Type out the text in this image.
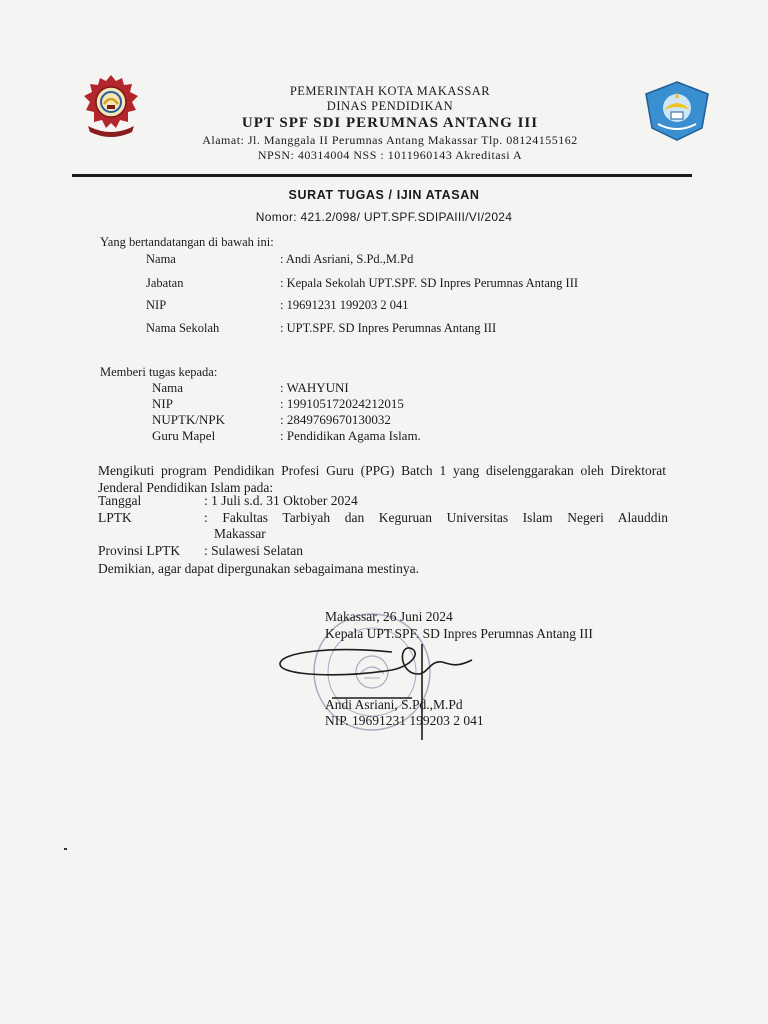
PEMERINTAH KOTA MAKASSAR
DINAS PENDIDIKAN
UPT SPF SDI PERUMNAS ANTANG III
Alamat: Jl. Manggala II Perumnas Antang Makassar Tlp. 08124155162
NPSN: 40314004 NSS : 1011960143 Akreditasi A
SURAT TUGAS / IJIN ATASAN
Nomor: 421.2/098/ UPT.SPF.SDIPAIII/VI/2024
Yang bertandatangan di bawah ini:
Nama	: Andi Asriani, S.Pd.,M.Pd
Jabatan	: Kepala Sekolah UPT.SPF. SD Inpres Perumnas Antang III
NIP	: 19691231 199203 2 041
Nama Sekolah	: UPT.SPF. SD Inpres Perumnas Antang III
Memberi tugas kepada:
Nama	: WAHYUNI
NIP	: 199105172024212015
NUPTK/NPK	: 2849769670130032
Guru Mapel	: Pendidikan Agama Islam.
Mengikuti program Pendidikan Profesi Guru (PPG) Batch 1 yang diselenggarakan oleh Direktorat Jenderal Pendidikan Islam pada:
Tanggal	: 1 Juli s.d. 31 Oktober 2024
LPTK	: Fakultas Tarbiyah dan Keguruan Universitas Islam Negeri Alauddin
Makassar
Provinsi LPTK : Sulawesi Selatan
Demikian, agar dapat dipergunakan sebagaimana mestinya.
Makassar, 26 Juni 2024
Kepala UPT.SPF. SD Inpres Perumnas Antang III
Andi Asriani, S.Pd.,M.Pd
NIP. 19691231 199203 2 041
